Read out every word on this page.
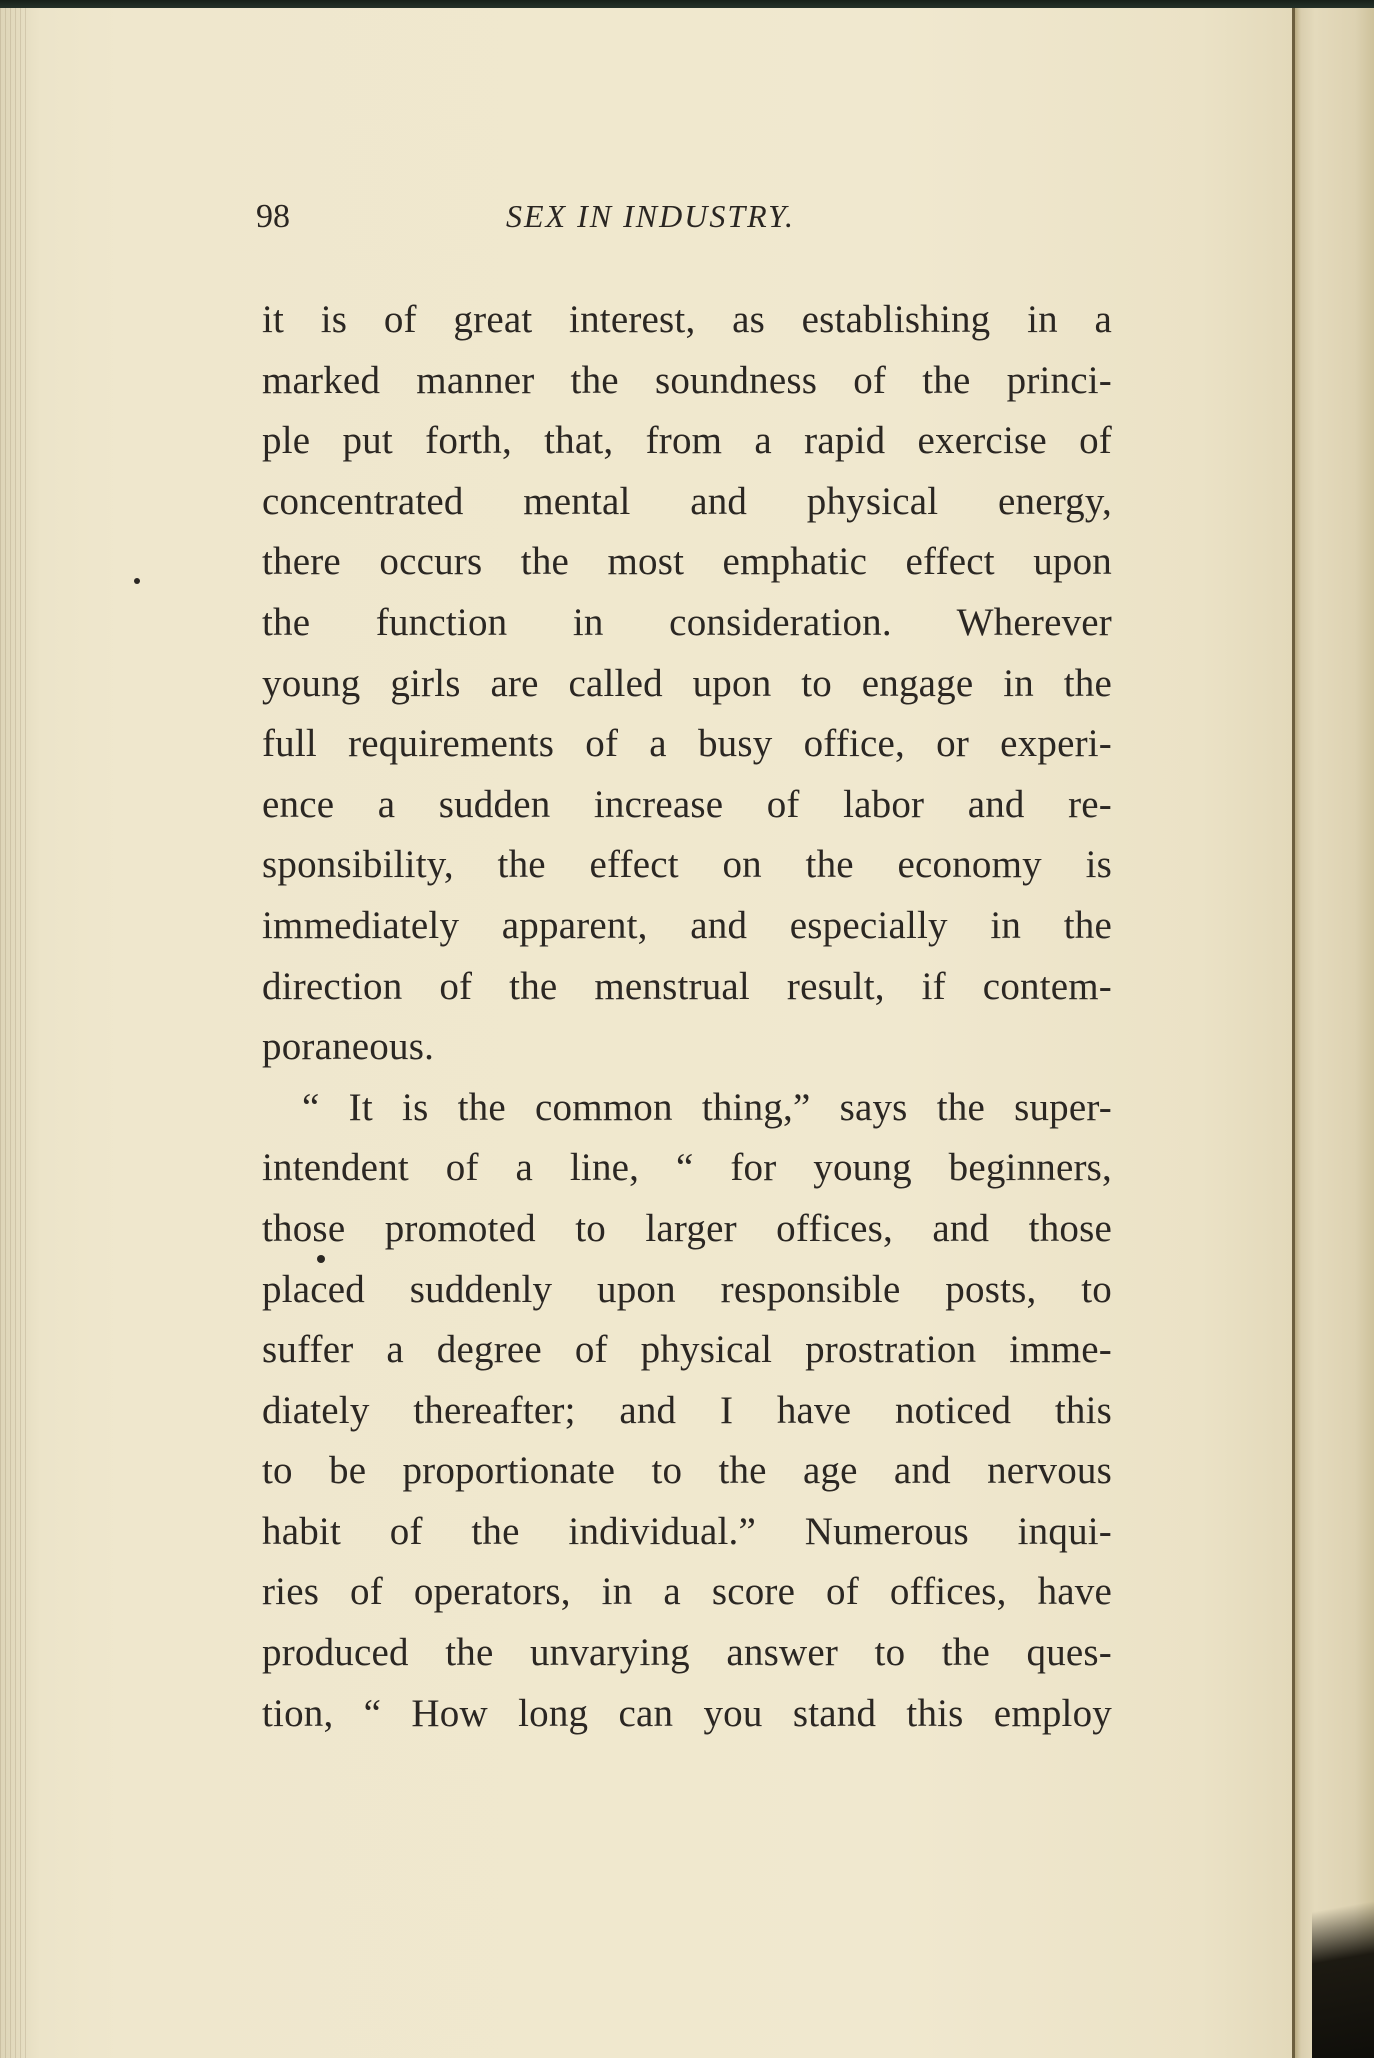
98	SEX IN INDUSTRY.
it is of great interest, as establishing in a
marked manner the soundness of the princi-
ple put forth, that, from a rapid exercise of
concentrated mental and physical energy,
there occurs the most emphatic effect upon
the function in consideration. Wherever
young girls are called upon to engage in the
full requirements of a busy office, or experi-
ence a sudden increase of labor and re-
sponsibility, the effect on the economy is
immediately apparent, and especially in the
direction of the menstrual result, if contem-
poraneous.
“ It is the common thing,” says the super-
intendent of a line, “ for young beginners,
those promoted to larger offices, and those
placed suddenly upon responsible posts, to
suffer a degree of physical prostration imme-
diately thereafter; and I have noticed this
to be proportionate to the age and nervous
habit of the individual.” Numerous inqui-
ries of operators, in a score of offices, have
produced the unvarying answer to the ques-
tion, “ How long can you stand this employ
